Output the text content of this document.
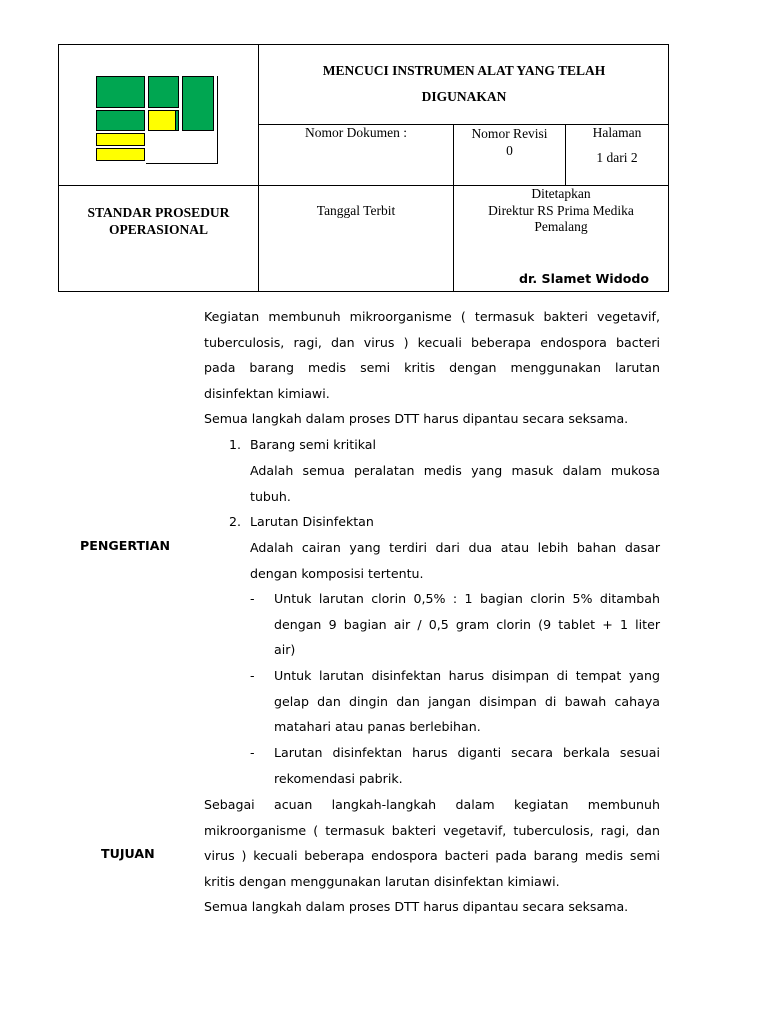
MENCUCI INSTRUMEN ALAT YANG TELAH
DIGUNAKAN
Nomor Dokumen :	Nomor Revisi
0
Halaman
1 dari 2
STANDAR PROSEDUR
OPERASIONAL
Tanggal Terbit
Ditetapkan
Direktur RS Prima Medika
Pemalang
dr. Slamet Widodo
PENGERTIAN
Kegiatan membunuh mikroorganisme ( termasuk bakteri vegetavif,
tuberculosis, ragi, dan virus ) kecuali beberapa endospora bacteri
pada barang medis semi kritis dengan menggunakan larutan
disinfektan kimiawi.
Semua langkah dalam proses DTT harus dipantau secara seksama.
1. Barang semi kritikal
Adalah semua peralatan medis yang masuk dalam mukosa
tubuh.
2. Larutan Disinfektan
Adalah cairan yang terdiri dari dua atau lebih bahan dasar
dengan komposisi tertentu.
- Untuk larutan clorin 0,5% : 1 bagian clorin 5% ditambah
dengan 9 bagian air / 0,5 gram clorin (9 tablet + 1 liter
air)
- Untuk larutan disinfektan harus disimpan di tempat yang
gelap dan dingin dan jangan disimpan di bawah cahaya
matahari atau panas berlebihan.
- Larutan disinfektan harus diganti secara berkala sesuai
rekomendasi pabrik.
TUJUAN
Sebagai acuan langkah-langkah dalam kegiatan membunuh
mikroorganisme ( termasuk bakteri vegetavif, tuberculosis, ragi, dan
virus ) kecuali beberapa endospora bacteri pada barang medis semi
kritis dengan menggunakan larutan disinfektan kimiawi.
Semua langkah dalam proses DTT harus dipantau secara seksama.
